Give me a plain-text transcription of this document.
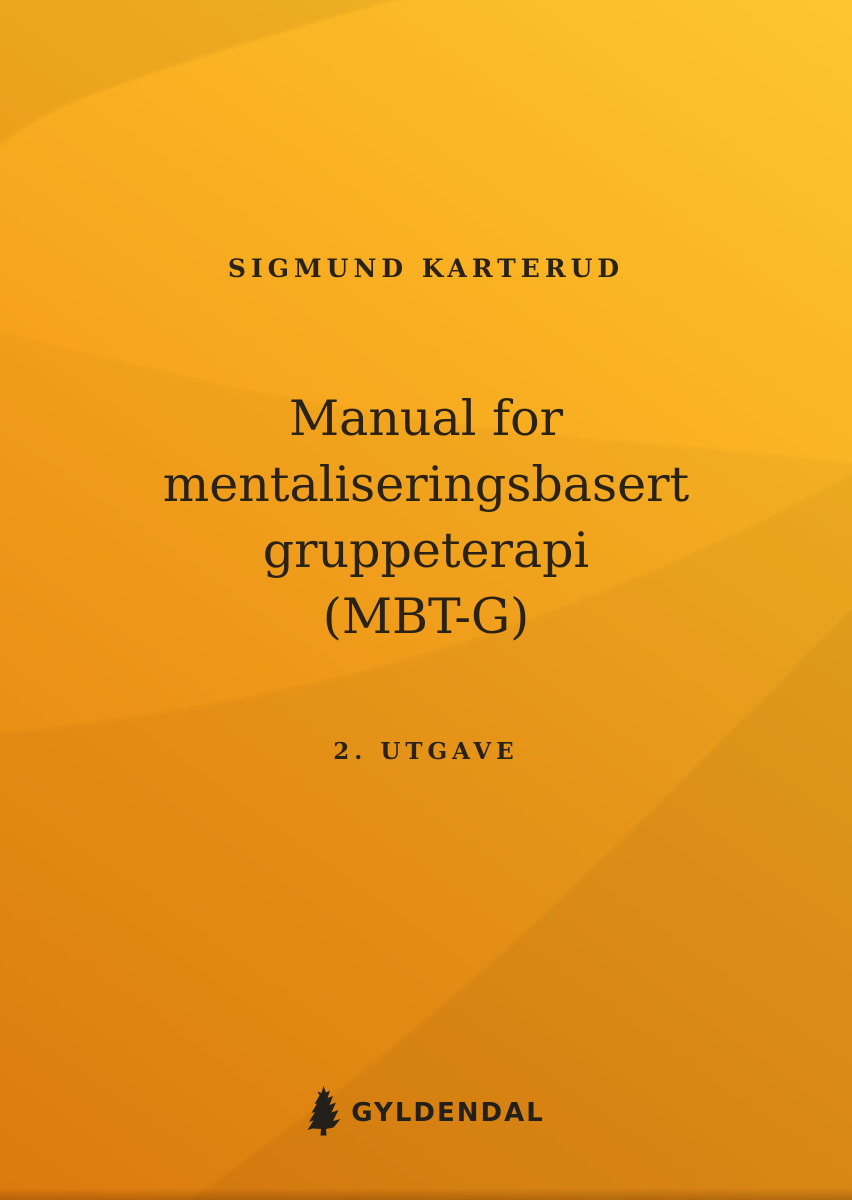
SIGMUND KARTERUD
Manual for
mentaliseringsbasert
gruppeterapi
(MBT-G)
2. UTGAVE
GYLDENDAL
